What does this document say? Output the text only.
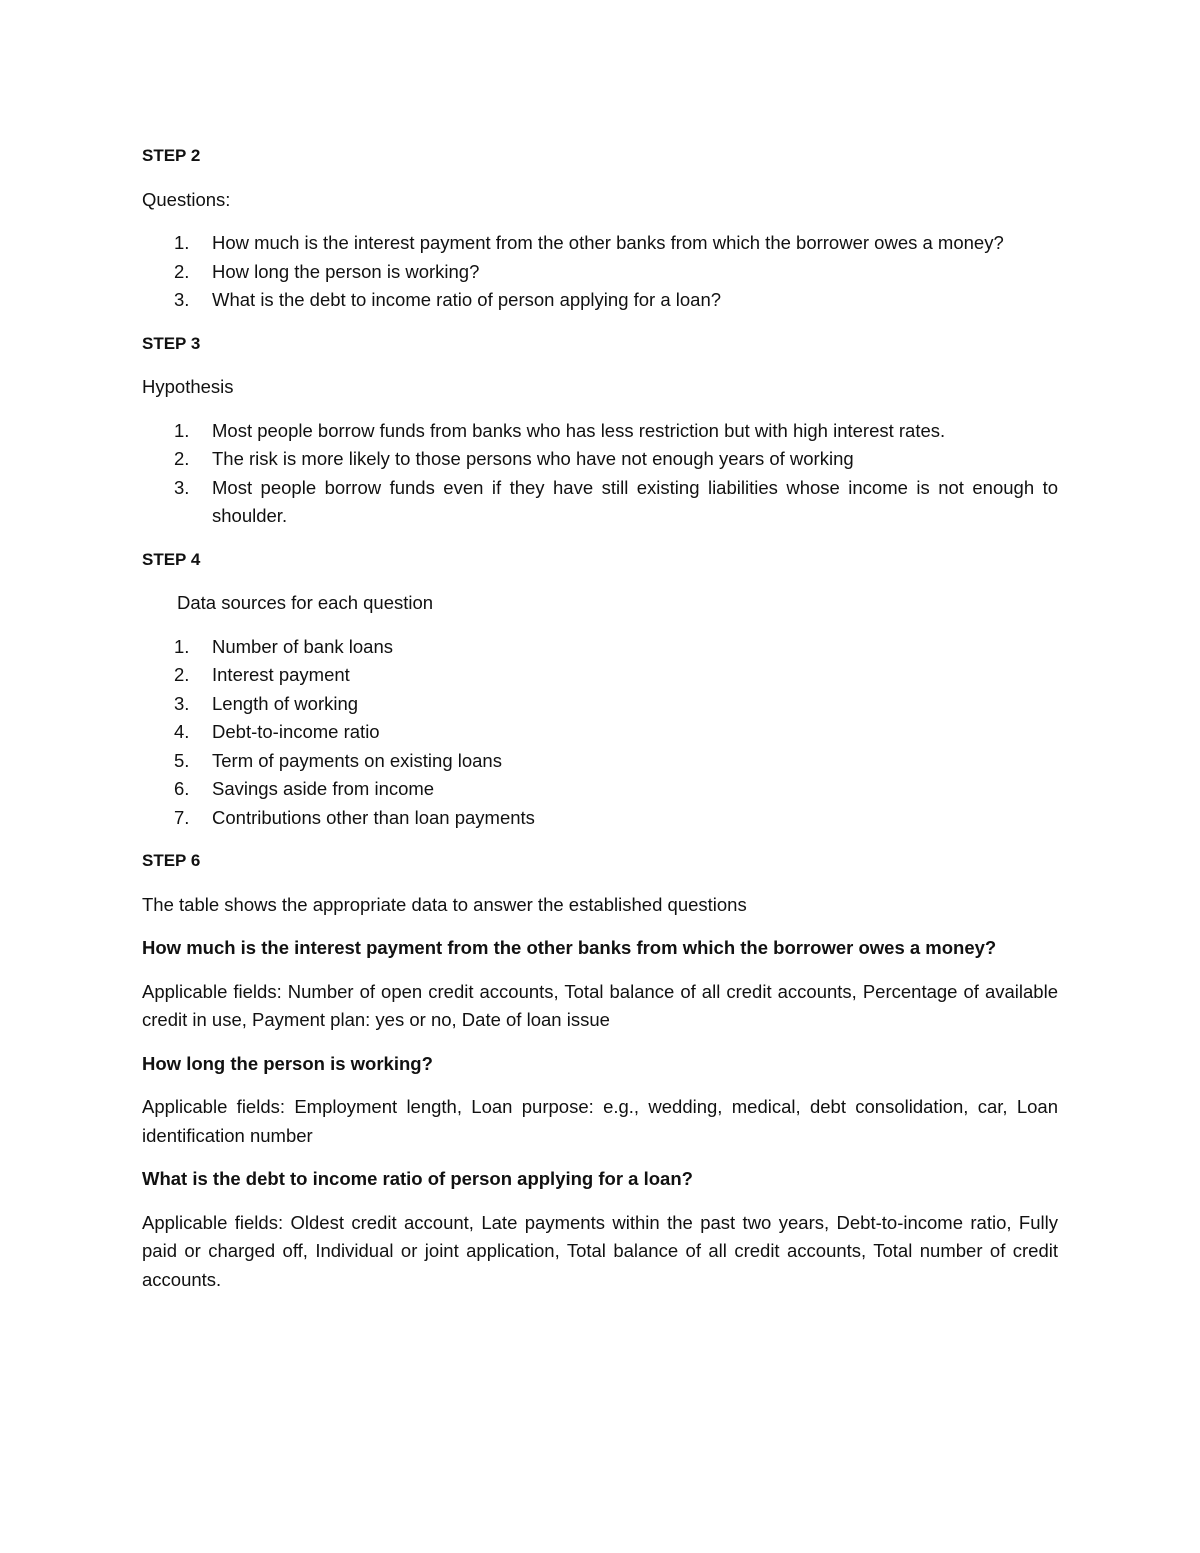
STEP 2
Questions:
1. How much is the interest payment from the other banks from which the borrower owes a money?
2. How long the person is working?
3. What is the debt to income ratio of person applying for a loan?
STEP 3
Hypothesis
1. Most people borrow funds from banks who has less restriction but with high interest rates.
2. The risk is more likely to those persons who have not enough years of working
3. Most people borrow funds even if they have still existing liabilities whose income is not enough to shoulder.
STEP 4
Data sources for each question
1. Number of bank loans
2. Interest payment
3. Length of working
4. Debt-to-income ratio
5. Term of payments on existing loans
6. Savings aside from income
7. Contributions other than loan payments
STEP 6
The table shows the appropriate data to answer the established questions
How much is the interest payment from the other banks from which the borrower owes a money?
Applicable fields: Number of open credit accounts, Total balance of all credit accounts, Percentage of available credit in use, Payment plan: yes or no, Date of loan issue
How long the person is working?
Applicable fields: Employment length, Loan purpose: e.g., wedding, medical, debt consolidation, car, Loan identification number
What is the debt to income ratio of person applying for a loan?
Applicable fields: Oldest credit account, Late payments within the past two years, Debt-to-income ratio, Fully paid or charged off, Individual or joint application, Total balance of all credit accounts, Total number of credit accounts.
